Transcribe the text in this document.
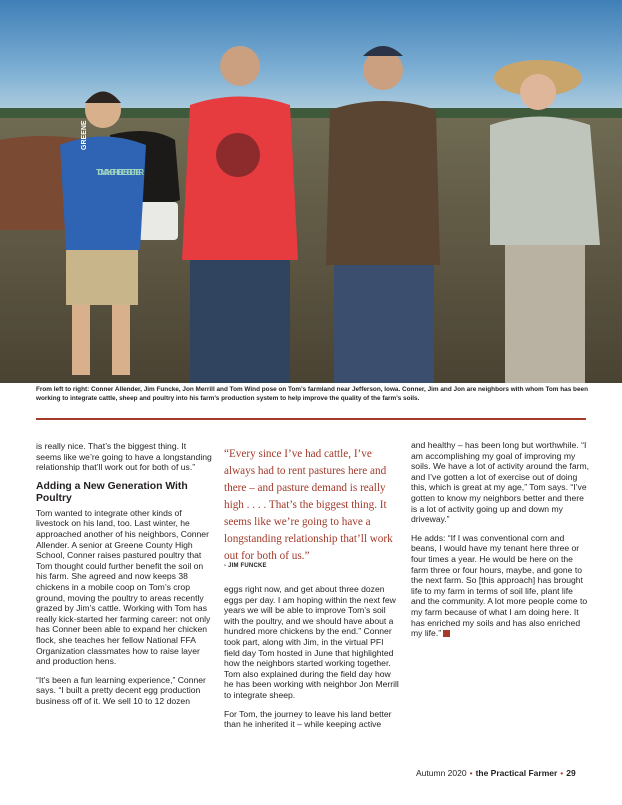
GREENE
TO MAKE THE BEST BETTER
From left to right: Conner Allender, Jim Funcke, Jon Merrill and Tom Wind pose on Tom’s farmland near Jefferson, Iowa. Conner, Jim and Jon are neighbors with whom Tom has been working to integrate cattle, sheep and poultry into his farm’s production system to help improve the quality of the farm’s soils.

is really nice. That’s the biggest thing. It seems like we’re going to have a longstanding relationship that’ll work out for both of us.”

Adding a New Generation With Poultry

Tom wanted to integrate other kinds of livestock on his land, too. Last winter, he approached another of his neighbors, Conner Allender. A senior at Greene County High School, Conner raises pastured poultry that Tom thought could further benefit the soil on his farm. She agreed and now keeps 38 chickens in a mobile coop on Tom’s crop ground, moving the poultry to areas recently grazed by Jim’s cattle. Working with Tom has really kick-started her farming career: not only has Conner been able to expand her chicken flock, she teaches her fellow National FFA Organization classmates how to raise layer and production hens.

“It’s been a fun learning experience,” Conner says. “I built a pretty decent egg production business off of it. We sell 10 to 12 dozen

“Every since I’ve had cattle, I’ve always had to rent pastures here and there – and pasture demand is really high . . . . That’s the biggest thing. It seems like we’re going to have a longstanding relationship that’ll work out for both of us.”
- JIM FUNCKE

eggs right now, and get about three dozen eggs per day. I am hoping within the next few years we will be able to improve Tom’s soil with the poultry, and we should have about a hundred more chickens by the end.” Conner took part, along with Jim, in the virtual PFI field day Tom hosted in June that highlighted how the neighbors started working together. Tom also explained during the field day how he has been working with neighbor Jon Merrill to integrate sheep.

For Tom, the journey to leave his land better than he inherited it – while keeping active

and healthy – has been long but worthwhile. “I am accomplishing my goal of improving my soils. We have a lot of activity around the farm, and I’ve gotten a lot of exercise out of doing this, which is great at my age,” Tom says. “I’ve gotten to know my neighbors better and there is a lot of activity going up and down my driveway.”

He adds: “If I was conventional corn and beans, I would have my tenant here three or four times a year. He would be here on the farm three or four hours, maybe, and gone to the next farm. So [this approach] has brought life to my farm in terms of soil life, plant life and the community. A lot more people come to my farm because of what I am doing here. It has enriched my soils and has also enriched my life.”

Autumn 2020 • the Practical Farmer • 29
